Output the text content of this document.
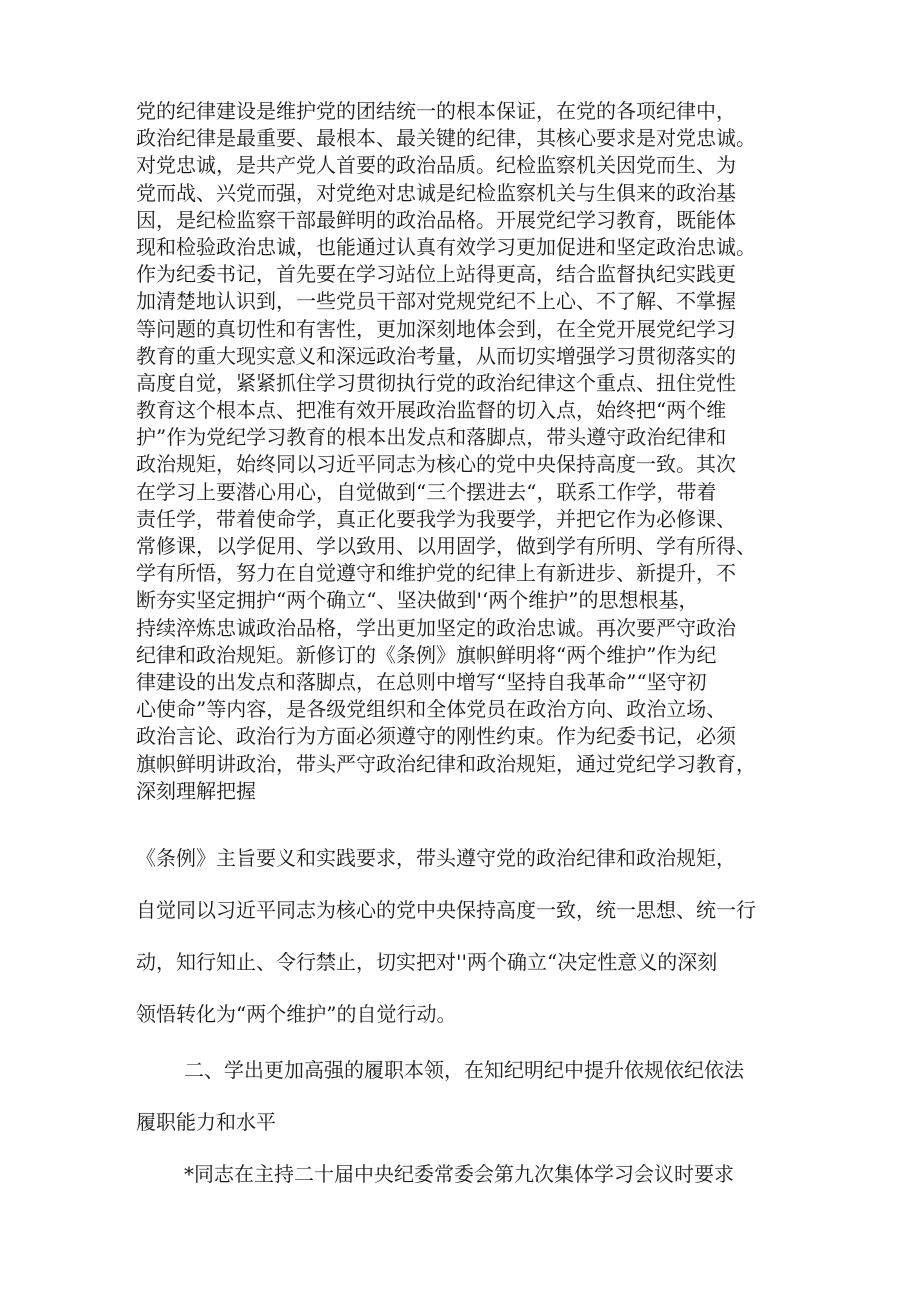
党的纪律建设是维护党的团结统一的根本保证，在党的各项纪律中，
政治纪律是最重要、最根本、最关键的纪律，其核心要求是对党忠诚。
对党忠诚，是共产党人首要的政治品质。纪检监察机关因党而生、为
党而战、兴党而强，对党绝对忠诚是纪检监察机关与生俱来的政治基
因，是纪检监察干部最鲜明的政治品格。开展党纪学习教育，既能体
现和检验政治忠诚，也能通过认真有效学习更加促进和坚定政治忠诚。
作为纪委书记，首先要在学习站位上站得更高，结合监督执纪实践更
加清楚地认识到，一些党员干部对党规党纪不上心、不了解、不掌握
等问题的真切性和有害性，更加深刻地体会到，在全党开展党纪学习
教育的重大现实意义和深远政治考量，从而切实增强学习贯彻落实的
高度自觉，紧紧抓住学习贯彻执行党的政治纪律这个重点、扭住党性
教育这个根本点、把准有效开展政治监督的切入点，始终把“两个维
护”作为党纪学习教育的根本出发点和落脚点，带头遵守政治纪律和
政治规矩，始终同以习近平同志为核心的党中央保持高度一致。其次
在学习上要潜心用心，自觉做到“三个摆进去“，联系工作学，带着
责任学，带着使命学，真正化要我学为我要学，并把它作为必修课、
常修课，以学促用、学以致用、以用固学，做到学有所明、学有所得、
学有所悟，努力在自觉遵守和维护党的纪律上有新进步、新提升，不
断夯实坚定拥护“两个确立“、坚决做到'‘两个维护”的思想根基，
持续淬炼忠诚政治品格，学出更加坚定的政治忠诚。再次要严守政治
纪律和政治规矩。新修订的《条例》旗帜鲜明将“两个维护”作为纪
律建设的出发点和落脚点，在总则中增写“坚持自我革命”“坚守初
心使命”等内容，是各级党组织和全体党员在政治方向、政治立场、
政治言论、政治行为方面必须遵守的刚性约束。作为纪委书记，必须
旗帜鲜明讲政治，带头严守政治纪律和政治规矩，通过党纪学习教育，
深刻理解把握
《条例》主旨要义和实践要求，带头遵守党的政治纪律和政治规矩，
自觉同以习近平同志为核心的党中央保持高度一致，统一思想、统一行
动，知行知止、令行禁止，切实把对''两个确立“决定性意义的深刻
领悟转化为“两个维护”的自觉行动。
二、学出更加高强的履职本领，在知纪明纪中提升依规依纪依法
履职能力和水平
*同志在主持二十届中央纪委常委会第九次集体学习会议时要求
